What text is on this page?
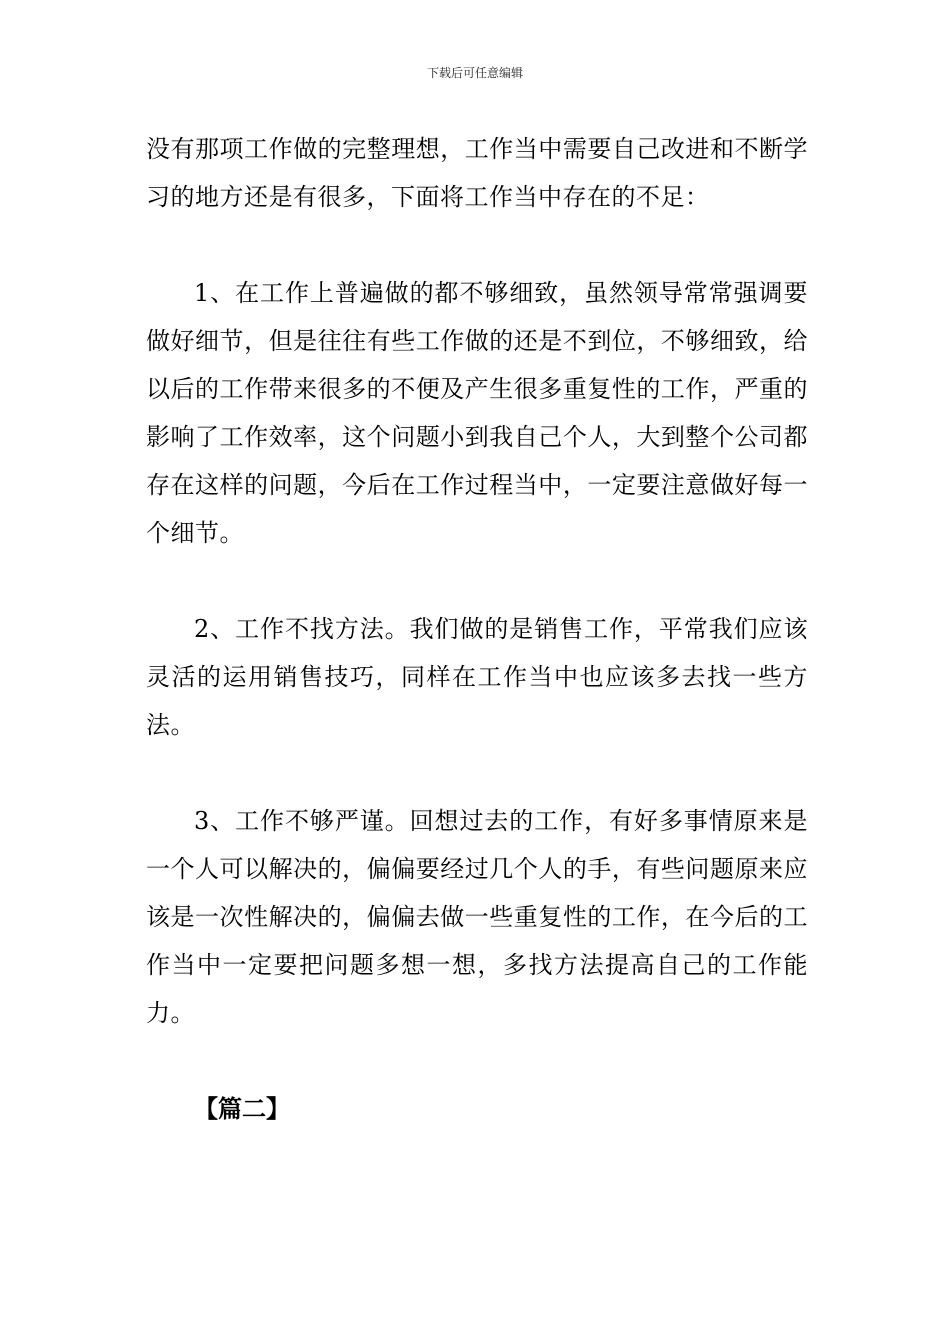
下载后可任意编辑

没有那项工作做的完整理想，工作当中需要自己改进和不断学习的地方还是有很多，下面将工作当中存在的不足：

1、在工作上普遍做的都不够细致，虽然领导常常强调要做好细节，但是往往有些工作做的还是不到位，不够细致，给以后的工作带来很多的不便及产生很多重复性的工作，严重的影响了工作效率，这个问题小到我自己个人，大到整个公司都存在这样的问题，今后在工作过程当中，一定要注意做好每一个细节。

2、工作不找方法。我们做的是销售工作，平常我们应该灵活的运用销售技巧，同样在工作当中也应该多去找一些方法。

3、工作不够严谨。回想过去的工作，有好多事情原来是一个人可以解决的，偏偏要经过几个人的手，有些问题原来应该是一次性解决的，偏偏去做一些重复性的工作，在今后的工作当中一定要把问题多想一想，多找方法提高自己的工作能力。

【篇二】
